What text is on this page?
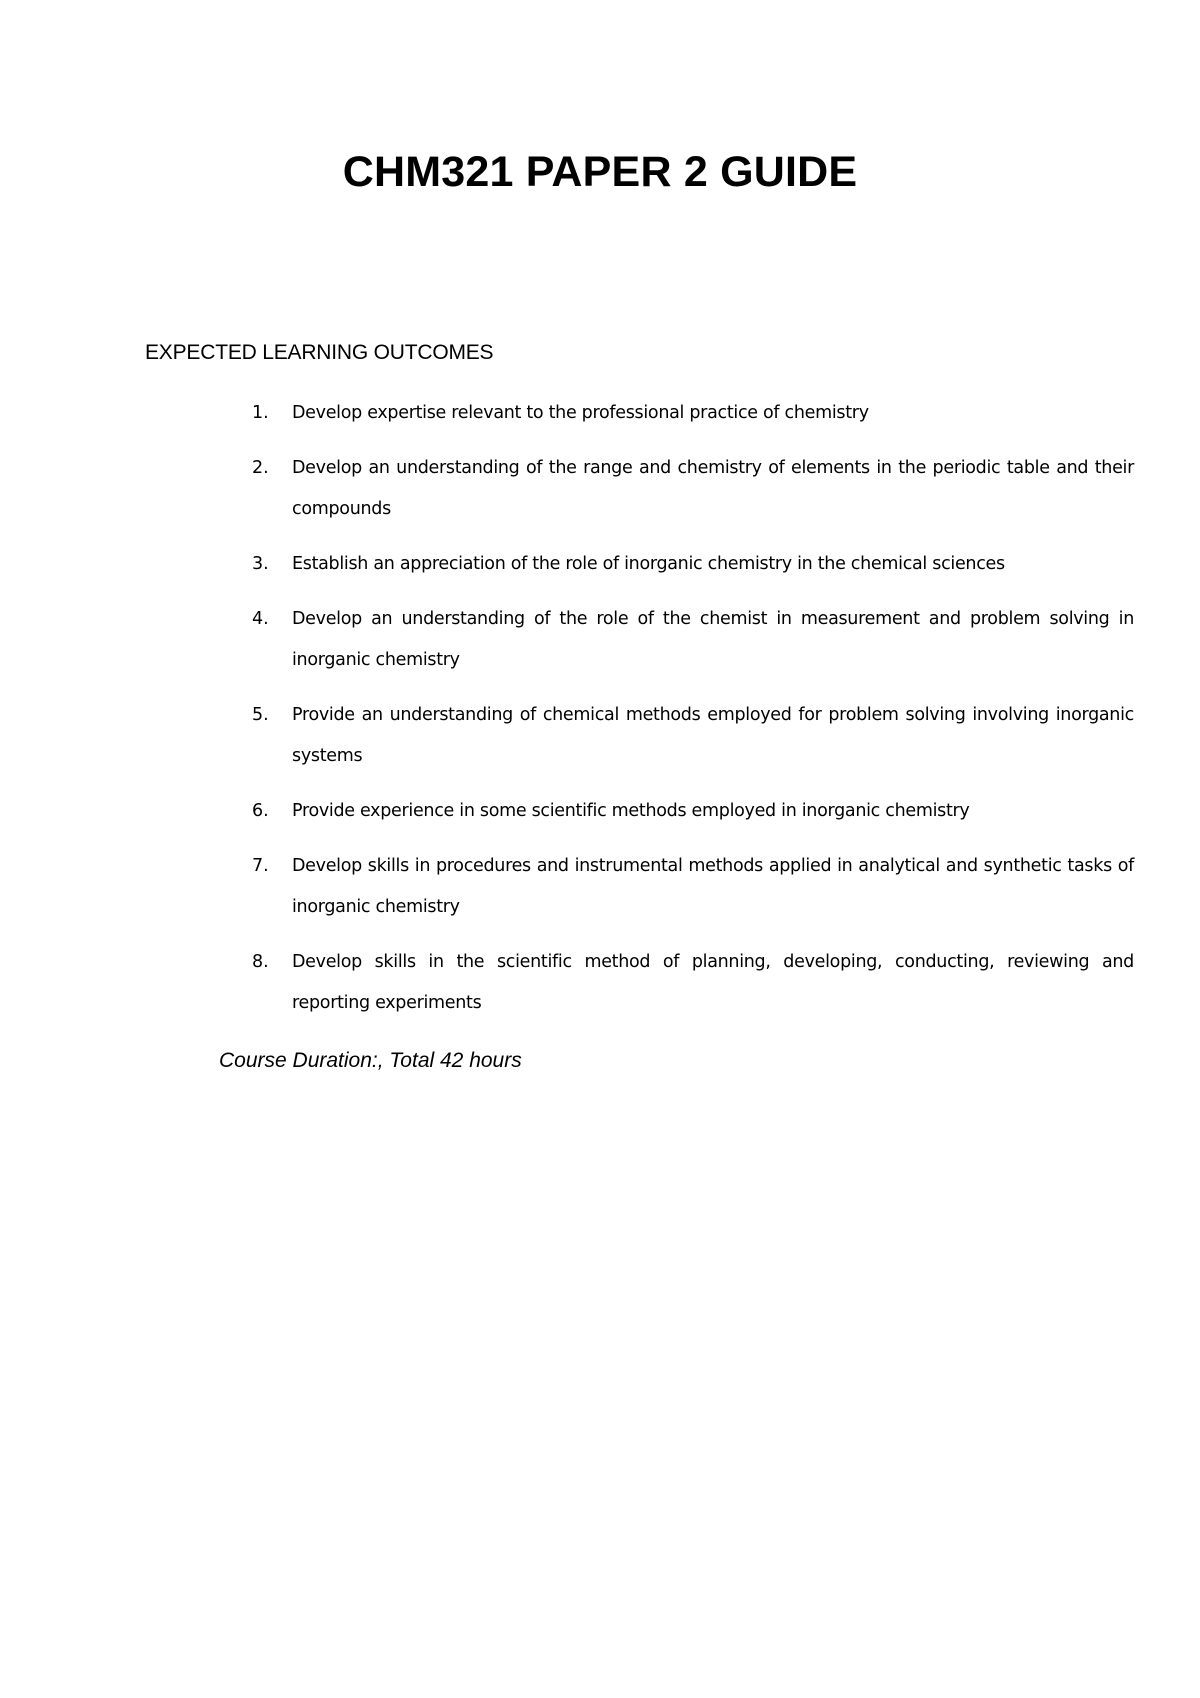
CHM321 PAPER 2 GUIDE
EXPECTED LEARNING OUTCOMES
1.	Develop expertise relevant to the professional practice of chemistry
2.	Develop an understanding of the range and chemistry of elements in the periodic table and their compounds
3.	Establish an appreciation of the role of inorganic chemistry in the chemical sciences
4.	Develop an understanding of the role of the chemist in measurement and problem solving in inorganic chemistry
5.	Provide an understanding of chemical methods employed for problem solving involving inorganic systems
6.	Provide experience in some scientific methods employed in inorganic chemistry
7.	Develop skills in procedures and instrumental methods applied in analytical and synthetic tasks of inorganic chemistry
8.	Develop skills in the scientific method of planning, developing, conducting, reviewing and reporting experiments
Course Duration:, Total 42 hours
